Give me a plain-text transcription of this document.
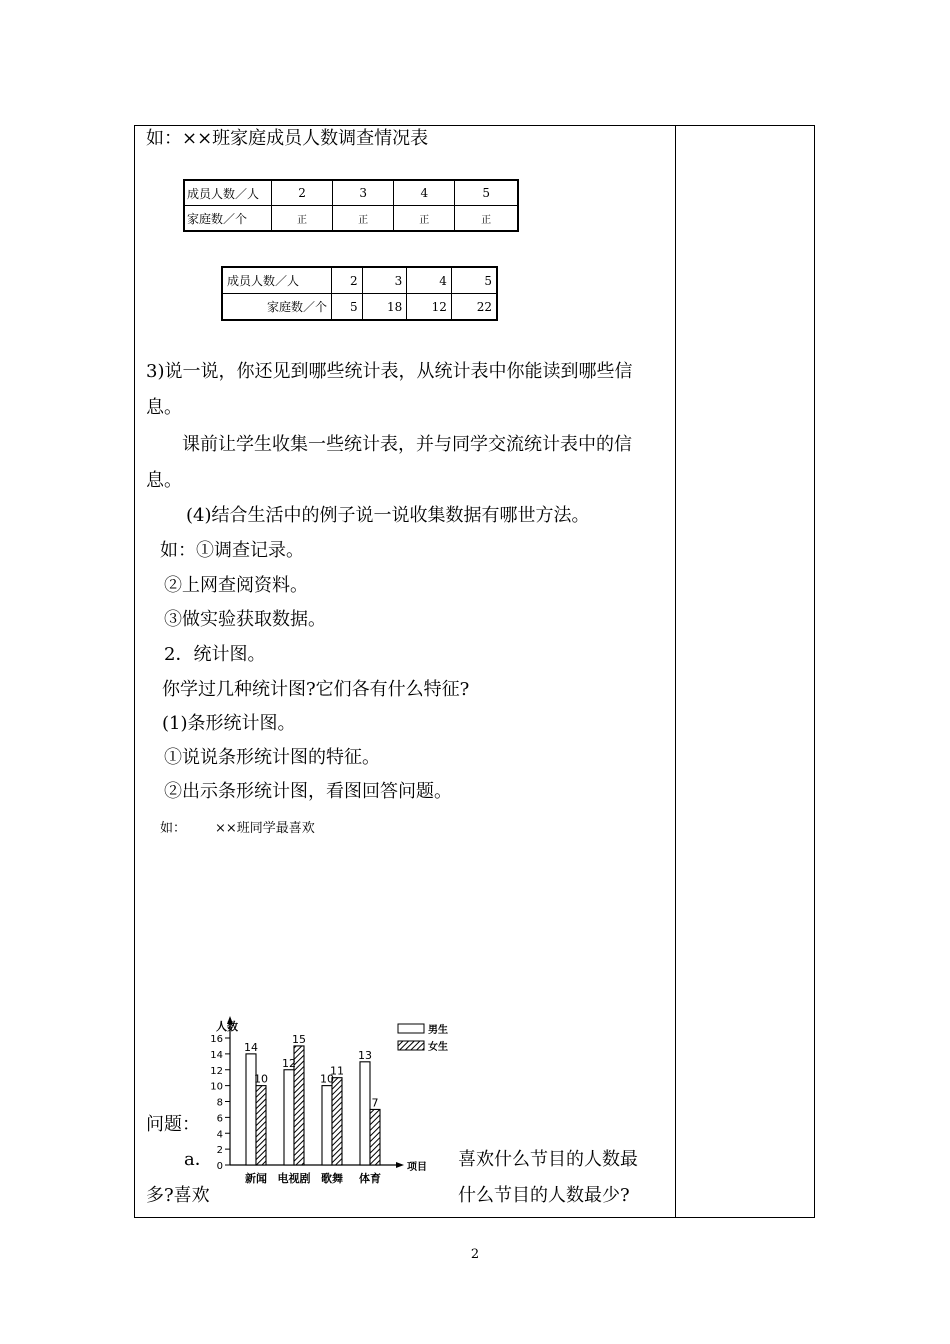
如：××班家庭成员人数调查情况表
成员人数／人	2	3	4	5
家庭数／个	正	正	正	正
成员人数／人	2	3	4	5
家庭数／个	5	18	12	22
3)说一说，你还见到哪些统计表，从统计表中你能读到哪些信
息。
课前让学生收集一些统计表，并与同学交流统计表中的信
息。
(4)结合生活中的例子说一说收集数据有哪世方法。
如：①调查记录。
②上网查阅资料。
③做实验获取数据。
2．统计图。
你学过几种统计图?它们各有什么特征?
(1)条形统计图。
①说说条形统计图的特征。
②出示条形统计图，看图回答问题。
如： ××班同学最喜欢
人数
项目
0
2
4
6
8
10
12
14
16
14
10
12
15
10
11
13
7
新闻 电视剧 歌舞 体育
男生
女生
问题：
a．	喜欢什么节目的人数最
多?喜欢	什么节目的人数最少?
2
